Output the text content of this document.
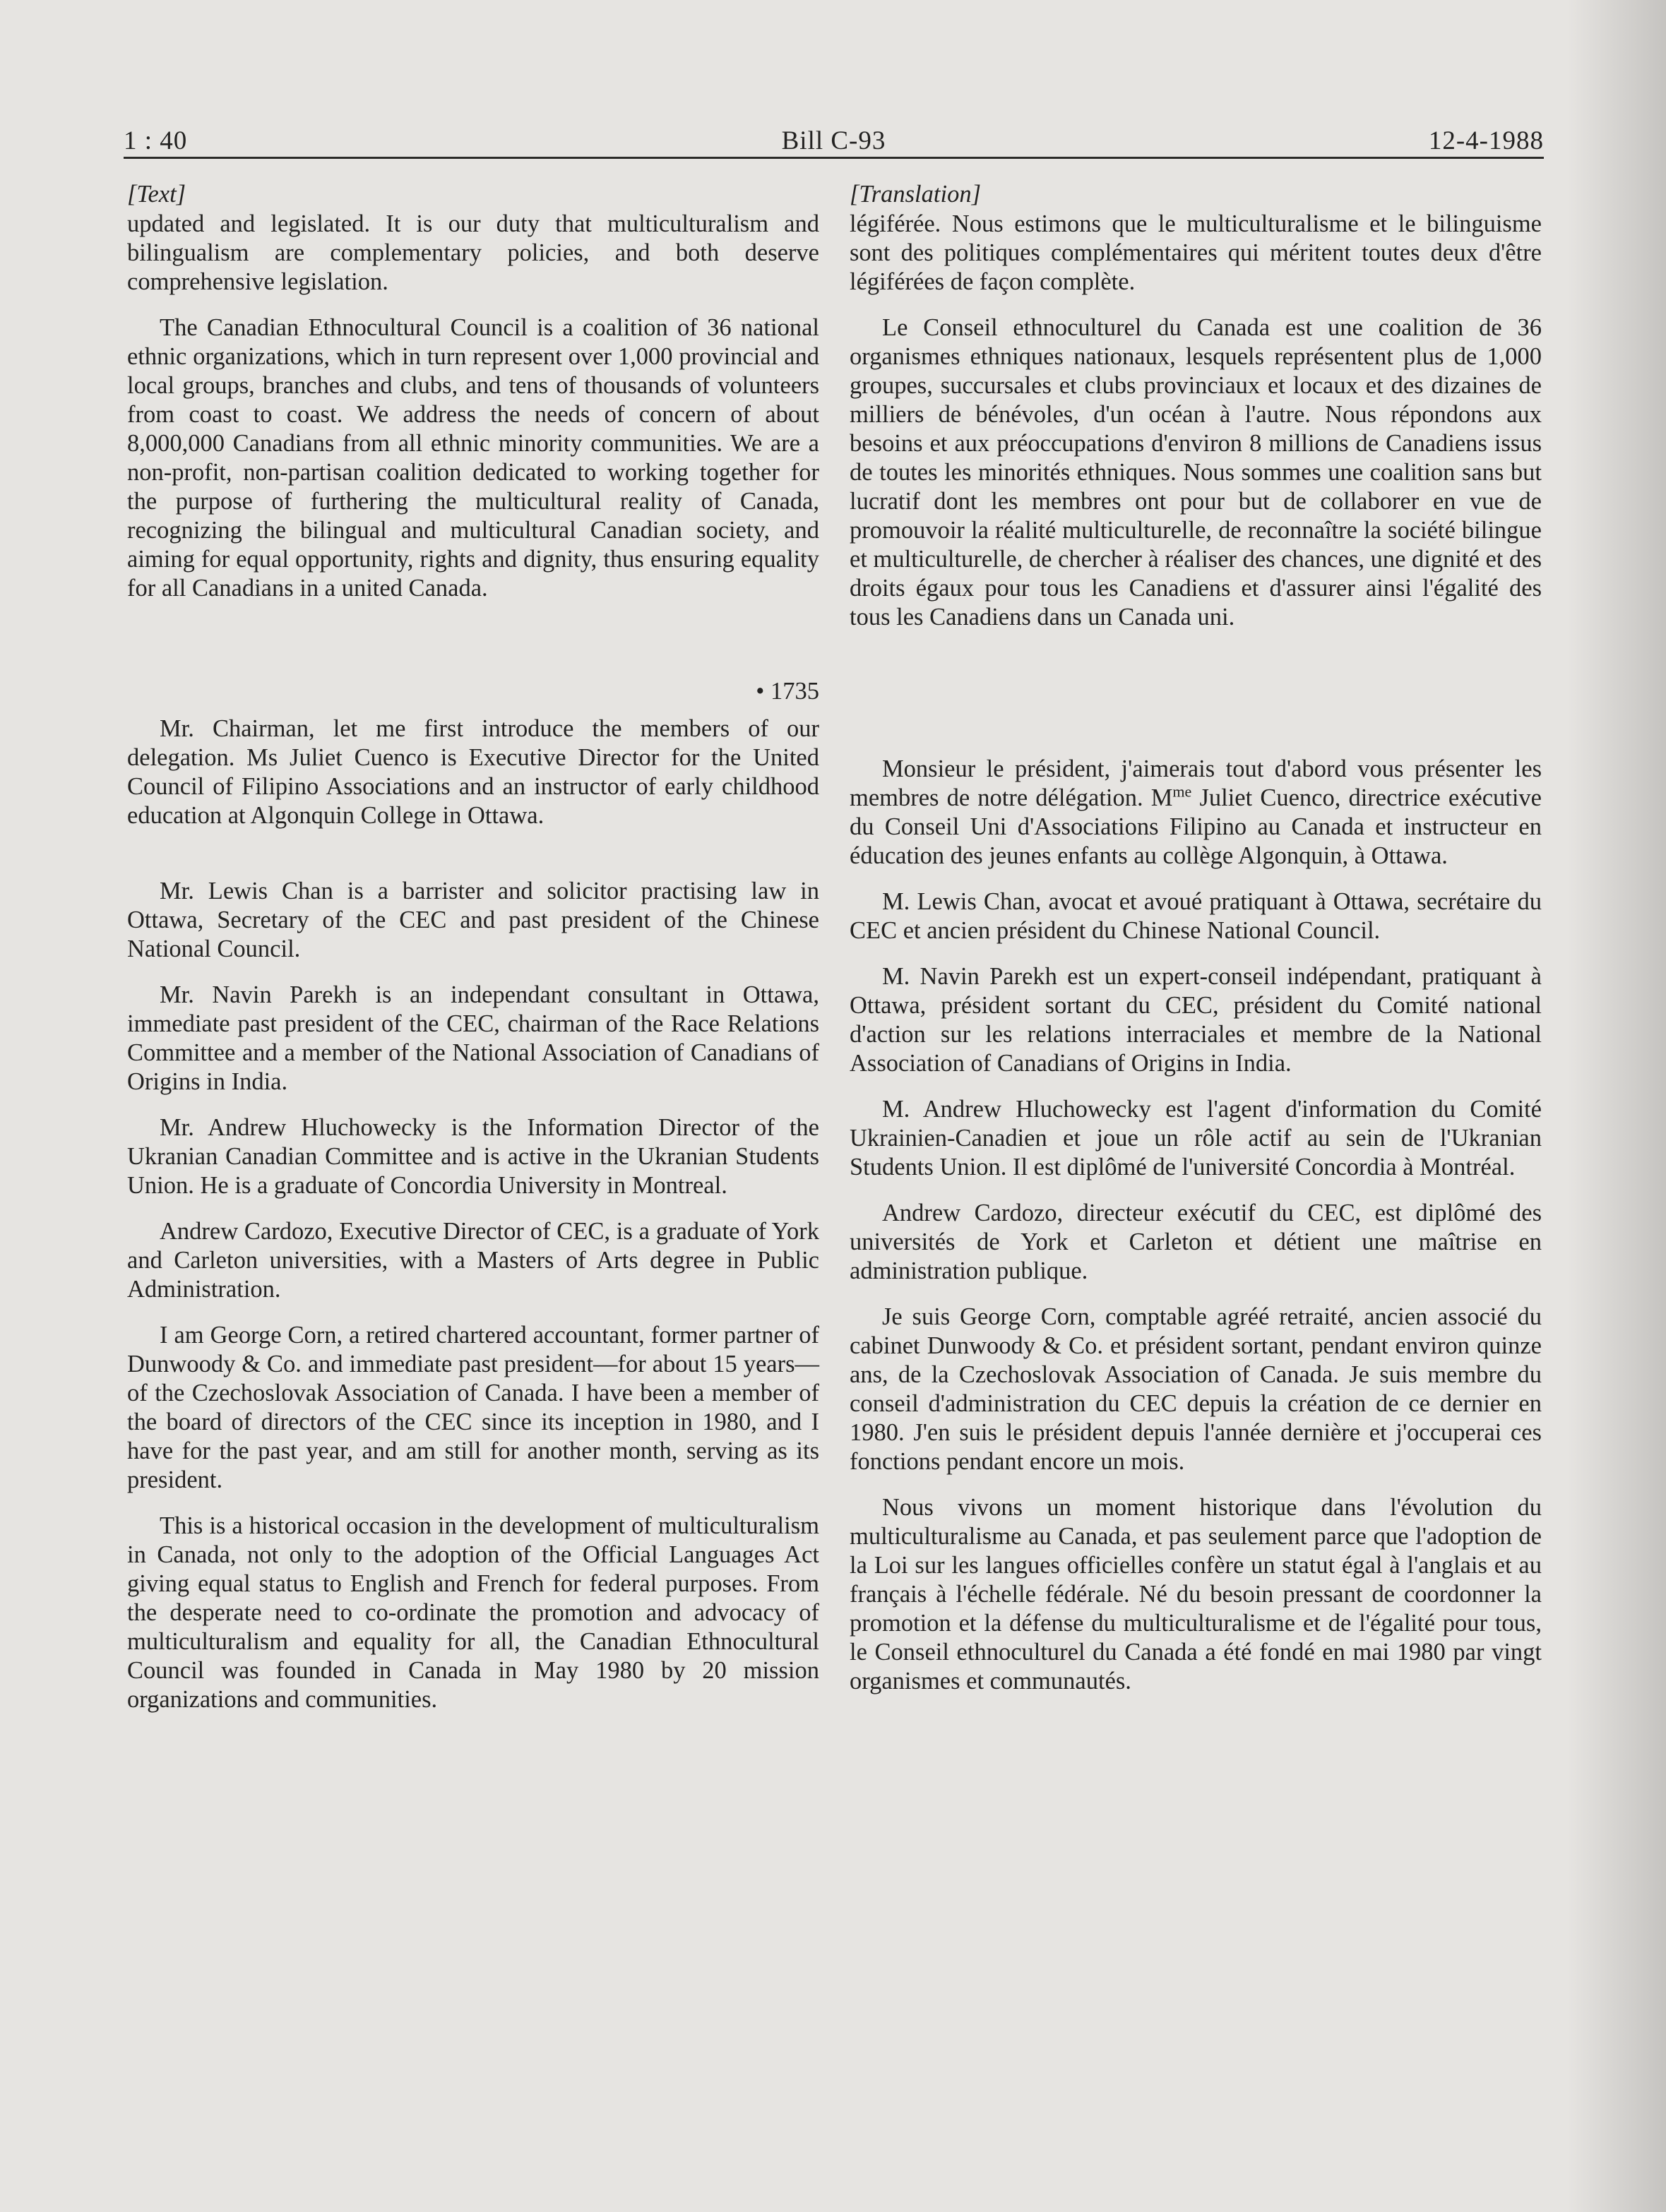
1 : 40	Bill C-93	12-4-1988
[Text]

updated and legislated. It is our duty that multiculturalism and bilingualism are complementary policies, and both deserve comprehensive legislation.

The Canadian Ethnocultural Council is a coalition of 36 national ethnic organizations, which in turn represent over 1,000 provincial and local groups, branches and clubs, and tens of thousands of volunteers from coast to coast. We address the needs of concern of about 8,000,000 Canadians from all ethnic minority communities. We are a non-profit, non-partisan coalition dedicated to working together for the purpose of furthering the multicultural reality of Canada, recognizing the bilingual and multicultural Canadian society, and aiming for equal opportunity, rights and dignity, thus ensuring equality for all Canadians in a united Canada.

• 1735

Mr. Chairman, let me first introduce the members of our delegation. Ms Juliet Cuenco is Executive Director for the United Council of Filipino Associations and an instructor of early childhood education at Algonquin College in Ottawa.

Mr. Lewis Chan is a barrister and solicitor practising law in Ottawa, Secretary of the CEC and past president of the Chinese National Council.

Mr. Navin Parekh is an independant consultant in Ottawa, immediate past president of the CEC, chairman of the Race Relations Committee and a member of the National Association of Canadians of Origins in India.

Mr. Andrew Hluchowecky is the Information Director of the Ukranian Canadian Committee and is active in the Ukranian Students Union. He is a graduate of Concordia University in Montreal.

Andrew Cardozo, Executive Director of CEC, is a graduate of York and Carleton universities, with a Masters of Arts degree in Public Administration.

I am George Corn, a retired chartered accountant, former partner of Dunwoody & Co. and immediate past president—for about 15 years—of the Czechoslovak Association of Canada. I have been a member of the board of directors of the CEC since its inception in 1980, and I have for the past year, and am still for another month, serving as its president.

This is a historical occasion in the development of multiculturalism in Canada, not only to the adoption of the Official Languages Act giving equal status to English and French for federal purposes. From the desperate need to co-ordinate the promotion and advocacy of multiculturalism and equality for all, the Canadian Ethnocultural Council was founded in Canada in May 1980 by 20 mission organizations and communities.

[Translation]

légiférée. Nous estimons que le multiculturalisme et le bilinguisme sont des politiques complémentaires qui méritent toutes deux d'être légiférées de façon complète.

Le Conseil ethnoculturel du Canada est une coalition de 36 organismes ethniques nationaux, lesquels représentent plus de 1,000 groupes, succursales et clubs provinciaux et locaux et des dizaines de milliers de bénévoles, d'un océan à l'autre. Nous répondons aux besoins et aux préoccupations d'environ 8 millions de Canadiens issus de toutes les minorités ethniques. Nous sommes une coalition sans but lucratif dont les membres ont pour but de collaborer en vue de promouvoir la réalité multiculturelle, de reconnaître la société bilingue et multiculturelle, de chercher à réaliser des chances, une dignité et des droits égaux pour tous les Canadiens et d'assurer ainsi l'égalité des tous les Canadiens dans un Canada uni.

Monsieur le président, j'aimerais tout d'abord vous présenter les membres de notre délégation. $M^{me}$ Juliet Cuenco, directrice exécutive du Conseil Uni d'Associations Filipino au Canada et instructeur en éducation des jeunes enfants au collège Algonquin, à Ottawa.

M. Lewis Chan, avocat et avoué pratiquant à Ottawa, secrétaire du CEC et ancien président du Chinese National Council.

M. Navin Parekh est un expert-conseil indépendant, pratiquant à Ottawa, président sortant du CEC, président du Comité national d'action sur les relations interraciales et membre de la National Association of Canadians of Origins in India.

M. Andrew Hluchowecky est l'agent d'information du Comité Ukrainien-Canadien et joue un rôle actif au sein de l'Ukranian Students Union. Il est diplômé de l'université Concordia à Montréal.

Andrew Cardozo, directeur exécutif du CEC, est diplômé des universités de York et Carleton et détient une maîtrise en administration publique.

Je suis George Corn, comptable agréé retraité, ancien associé du cabinet Dunwoody & Co. et président sortant, pendant environ quinze ans, de la Czechoslovak Association of Canada. Je suis membre du conseil d'administration du CEC depuis la création de ce dernier en 1980. J'en suis le président depuis l'année dernière et j'occuperai ces fonctions pendant encore un mois.

Nous vivons un moment historique dans l'évolution du multiculturalisme au Canada, et pas seulement parce que l'adoption de la Loi sur les langues officielles confère un statut égal à l'anglais et au français à l'échelle fédérale. Né du besoin pressant de coordonner la promotion et la défense du multiculturalisme et de l'égalité pour tous, le Conseil ethnoculturel du Canada a été fondé en mai 1980 par vingt organismes et communautés.
